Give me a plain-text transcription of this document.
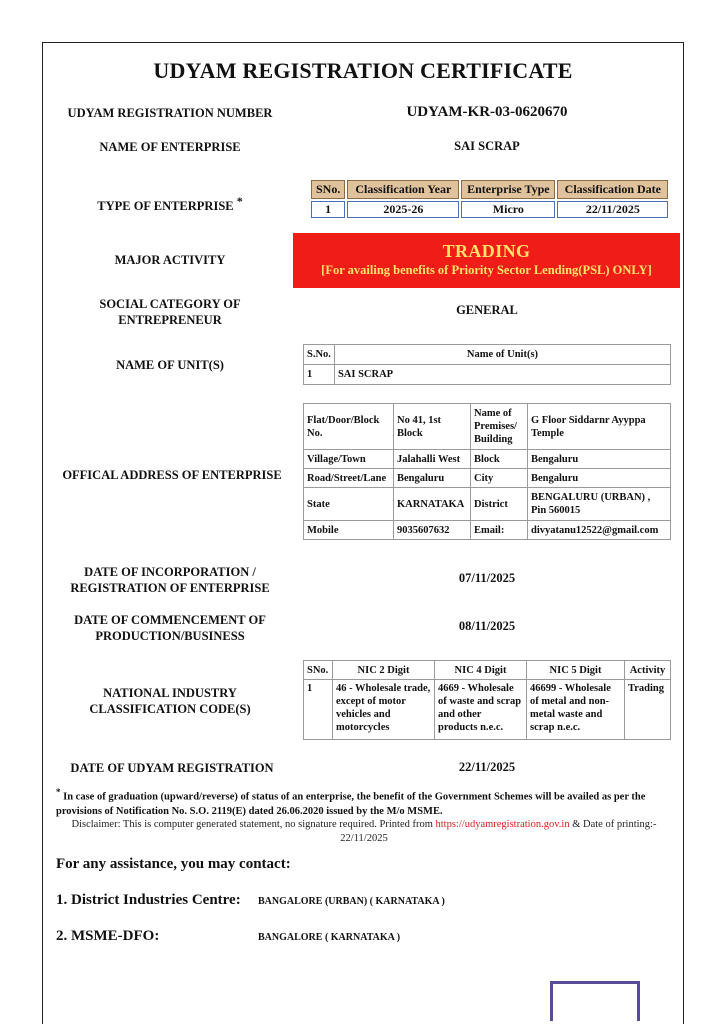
UDYAM REGISTRATION CERTIFICATE
UDYAM REGISTRATION NUMBER	UDYAM-KR-03-0620670
NAME OF ENTERPRISE	SAI SCRAP
TYPE OF ENTERPRISE *
SNo.	Classification Year	Enterprise Type	Classification Date
1	2025-26	Micro	22/11/2025
MAJOR ACTIVITY	TRADING
[For availing benefits of Priority Sector Lending(PSL) ONLY]
SOCIAL CATEGORY OF
ENTREPRENEUR
GENERAL
NAME OF UNIT(S)
S.No.	Name of Unit(s)
1	SAI SCRAP
OFFICAL ADDRESS OF ENTERPRISE
Flat/Door/Block No.	No 41, 1st Block	Name of Premises/ Building	G Floor Siddarnr Ayyppa Temple
Village/Town	Jalahalli West	Block	Bengaluru
Road/Street/Lane	Bengaluru	City	Bengaluru
State	KARNATAKA	District	BENGALURU (URBAN) , Pin 560015
Mobile	9035607632	Email:	divyatanu12522@gmail.com
DATE OF INCORPORATION /
REGISTRATION OF ENTERPRISE
07/11/2025
DATE OF COMMENCEMENT OF
PRODUCTION/BUSINESS
08/11/2025
NATIONAL INDUSTRY
CLASSIFICATION CODE(S)
SNo.	NIC 2 Digit	NIC 4 Digit	NIC 5 Digit	Activity
1	46 - Wholesale trade, except of motor vehicles and motorcycles	4669 - Wholesale of waste and scrap and other products n.e.c.	46699 - Wholesale of metal and non-metal waste and scrap n.e.c.	Trading
DATE OF UDYAM REGISTRATION	22/11/2025
* In case of graduation (upward/reverse) of status of an enterprise, the benefit of the Government Schemes will be availed as per the provisions of Notification No. S.O. 2119(E) dated 26.06.2020 issued by the M/o MSME.
Disclaimer: This is computer generated statement, no signature required. Printed from https://udyamregistration.gov.in & Date of printing:-
22/11/2025
For any assistance, you may contact:
1. District Industries Centre: BANGALORE (URBAN) ( KARNATAKA )
2. MSME-DFO:	BANGALORE ( KARNATAKA )
